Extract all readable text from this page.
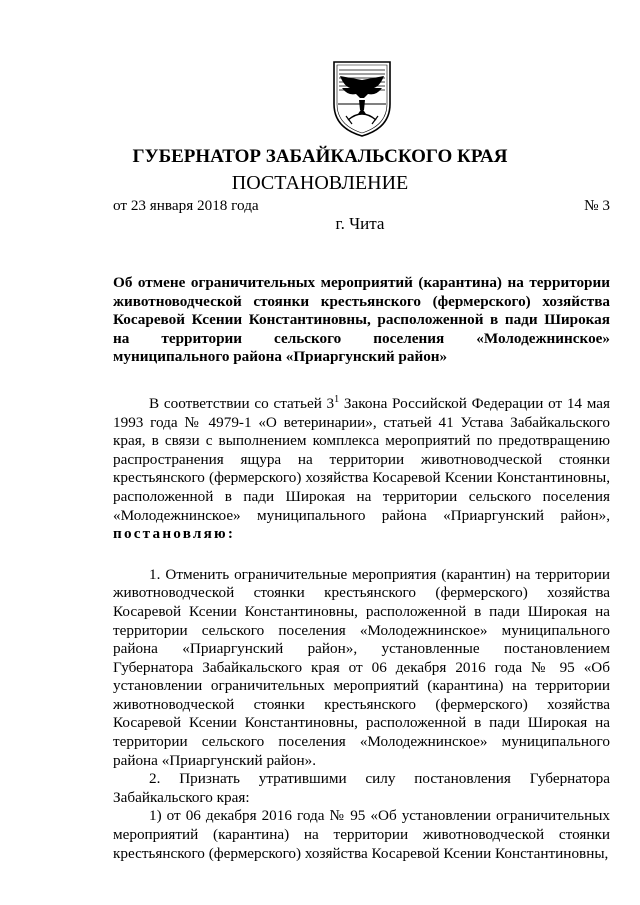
ГУБЕРНАТОР ЗАБАЙКАЛЬСКОГО КРАЯ
ПОСТАНОВЛЕНИЕ
от 23 января 2018 года	№ 3
г. Чита

Об отмене ограничительных мероприятий (карантина) на территории животноводческой стоянки крестьянского (фермерского) хозяйства Косаревой Ксении Константиновны, расположенной в пади Широкая на территории сельского поселения «Молодежнинское» муниципального района «Приаргунский район»

В соответствии со статьей $3^1$ Закона Российской Федерации от 14 мая 1993 года № 4979-1 «О ветеринарии», статьей 41 Устава Забайкальского края, в связи с выполнением комплекса мероприятий по предотвращению распространения ящура на территории животноводческой стоянки крестьянского (фермерского) хозяйства Косаревой Ксении Константиновны, расположенной в пади Широкая на территории сельского поселения «Молодежнинское» муниципального района «Приаргунский район», постановляю:

1. Отменить ограничительные мероприятия (карантин) на территории животноводческой стоянки крестьянского (фермерского) хозяйства Косаревой Ксении Константиновны, расположенной в пади Широкая на территории сельского поселения «Молодежнинское» муниципального района «Приаргунский район», установленные постановлением Губернатора Забайкальского края от 06 декабря 2016 года № 95 «Об установлении ограничительных мероприятий (карантина) на территории животноводческой стоянки крестьянского (фермерского) хозяйства Косаревой Ксении Константиновны, расположенной в пади Широкая на территории сельского поселения «Молодежнинское» муниципального района «Приаргунский район».

2. Признать утратившими силу постановления Губернатора Забайкальского края:

1) от 06 декабря 2016 года № 95 «Об установлении ограничительных мероприятий (карантина) на территории животноводческой стоянки крестьянского (фермерского) хозяйства Косаревой Ксении Константиновны,
